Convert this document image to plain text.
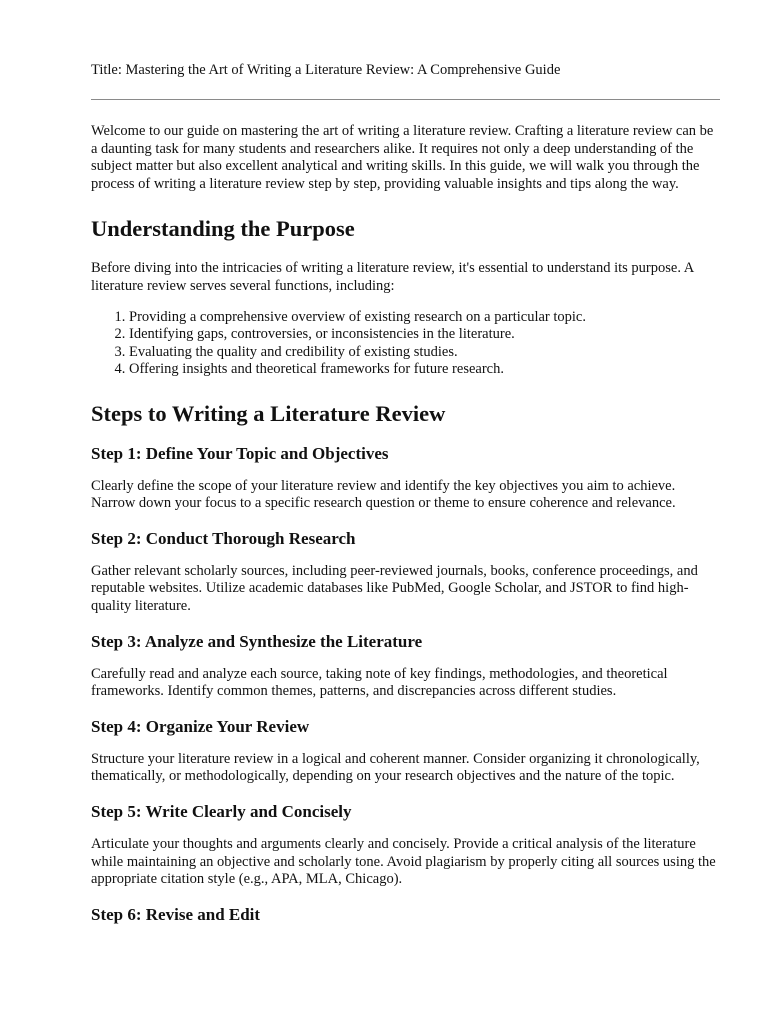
Title: Mastering the Art of Writing a Literature Review: A Comprehensive Guide

Welcome to our guide on mastering the art of writing a literature review. Crafting a literature review can be a daunting task for many students and researchers alike. It requires not only a deep understanding of the subject matter but also excellent analytical and writing skills. In this guide, we will walk you through the process of writing a literature review step by step, providing valuable insights and tips along the way.

Understanding the Purpose

Before diving into the intricacies of writing a literature review, it's essential to understand its purpose. A literature review serves several functions, including:

1. Providing a comprehensive overview of existing research on a particular topic.
2. Identifying gaps, controversies, or inconsistencies in the literature.
3. Evaluating the quality and credibility of existing studies.
4. Offering insights and theoretical frameworks for future research.
Steps to Writing a Literature Review
Step 1: Define Your Topic and Objectives

Clearly define the scope of your literature review and identify the key objectives you aim to achieve. Narrow down your focus to a specific research question or theme to ensure coherence and relevance.

Step 2: Conduct Thorough Research

Gather relevant scholarly sources, including peer-reviewed journals, books, conference proceedings, and reputable websites. Utilize academic databases like PubMed, Google Scholar, and JSTOR to find high-quality literature.

Step 3: Analyze and Synthesize the Literature

Carefully read and analyze each source, taking note of key findings, methodologies, and theoretical frameworks. Identify common themes, patterns, and discrepancies across different studies.

Step 4: Organize Your Review

Structure your literature review in a logical and coherent manner. Consider organizing it chronologically, thematically, or methodologically, depending on your research objectives and the nature of the topic.

Step 5: Write Clearly and Concisely

Articulate your thoughts and arguments clearly and concisely. Provide a critical analysis of the literature while maintaining an objective and scholarly tone. Avoid plagiarism by properly citing all sources using the appropriate citation style (e.g., APA, MLA, Chicago).

Step 6: Revise and Edit
